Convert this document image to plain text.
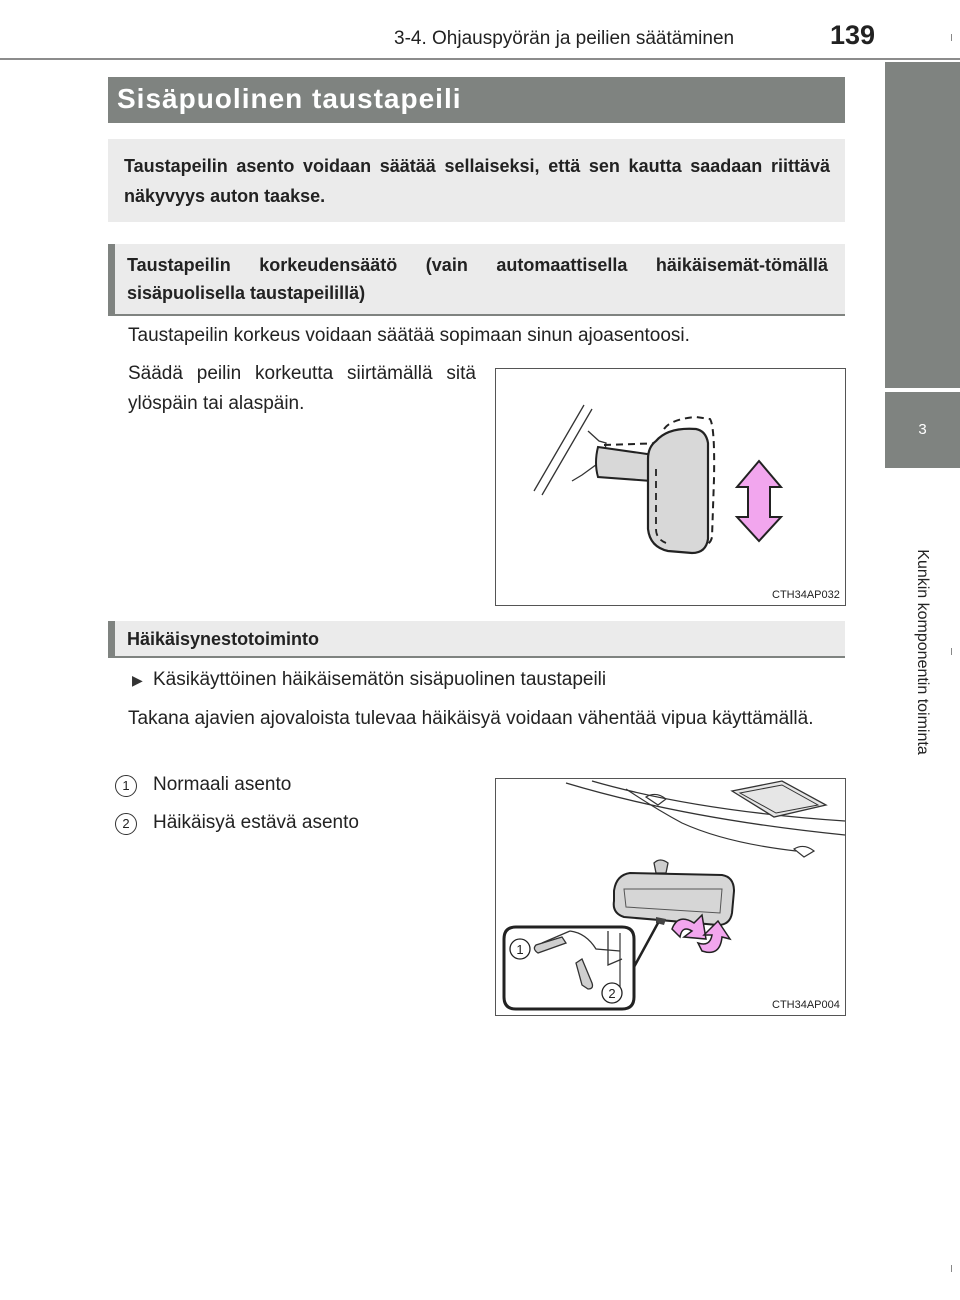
3-4. Ohjauspyörän ja peilien säätäminen	139
3
Kunkin komponentin toiminta
Sisäpuolinen taustapeili

Taustapeilin asento voidaan säätää sellaiseksi, että sen kautta saadaan riittävä näkyvyys auton taakse.

Taustapeilin korkeudensäätö (vain automaattisella häikäisemät-tömällä sisäpuolisella taustapeilillä)

Taustapeilin korkeus voidaan säätää sopimaan sinun ajoasentoosi.

Säädä peilin korkeutta siirtämällä sitä ylöspäin tai alaspäin.

CTH34AP032

Häikäisynestotoiminto

▶ Käsikäyttöinen häikäisemätön sisäpuolinen taustapeili

Takana ajavien ajovaloista tulevaa häikäisyä voidaan vähentää vipua käyttämällä.

1	Normaali asento

2	Häikäisyä estävä asento

1
2
CTH34AP004
